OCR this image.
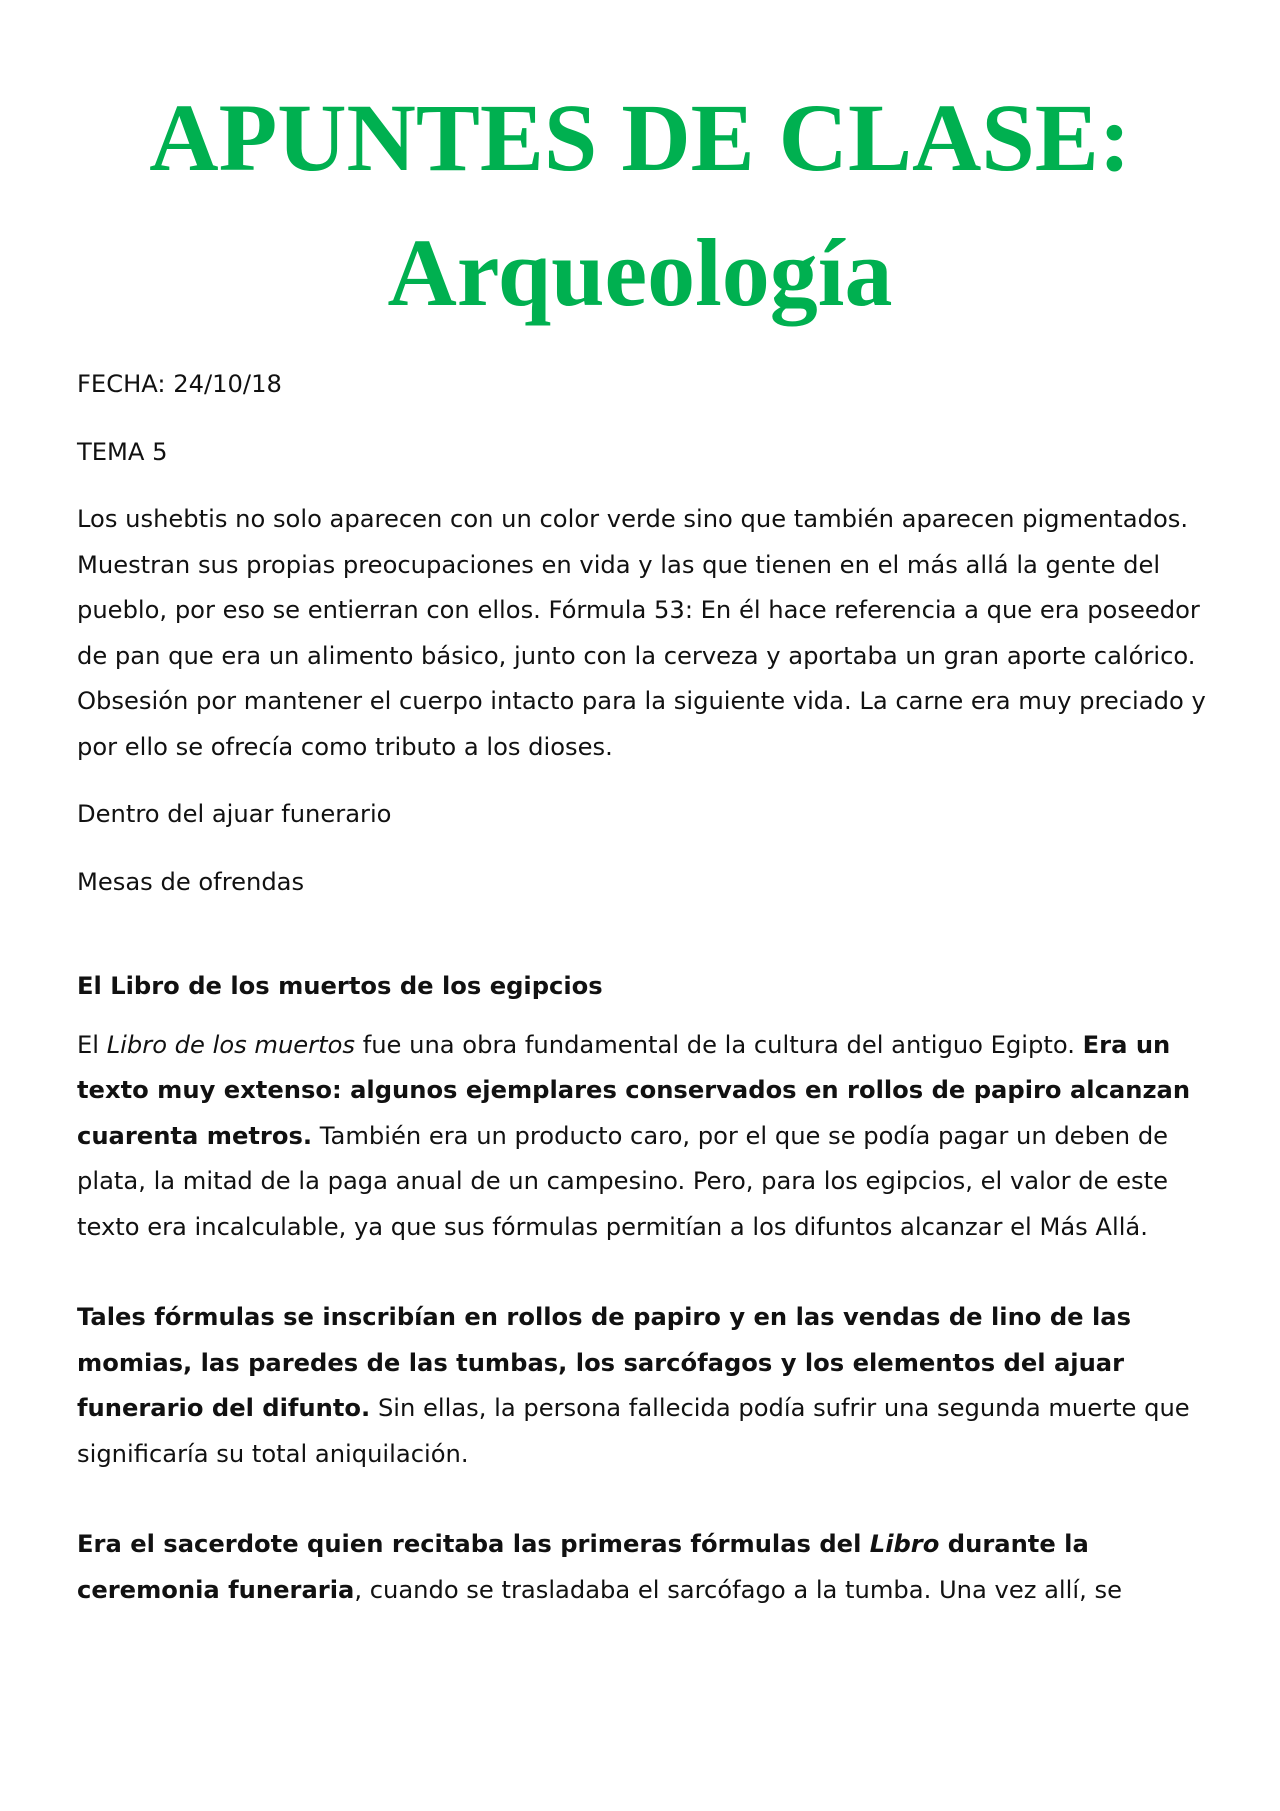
APUNTES DE CLASE:
Arqueología

FECHA: 24/10/18

TEMA 5

Los ushebtis no solo aparecen con un color verde sino que también aparecen pigmentados. Muestran sus propias preocupaciones en vida y las que tienen en el más allá la gente del pueblo, por eso se entierran con ellos. Fórmula 53: En él hace referencia a que era poseedor de pan que era un alimento básico, junto con la cerveza y aportaba un gran aporte calórico. Obsesión por mantener el cuerpo intacto para la siguiente vida. La carne era muy preciado y por ello se ofrecía como tributo a los dioses.

Dentro del ajuar funerario

Mesas de ofrendas

El Libro de los muertos de los egipcios

El Libro de los muertos fue una obra fundamental de la cultura del antiguo Egipto. Era un texto muy extenso: algunos ejemplares conservados en rollos de papiro alcanzan cuarenta metros. También era un producto caro, por el que se podía pagar un deben de plata, la mitad de la paga anual de un campesino. Pero, para los egipcios, el valor de este texto era incalculable, ya que sus fórmulas permitían a los difuntos alcanzar el Más Allá.

Tales fórmulas se inscribían en rollos de papiro y en las vendas de lino de las momias, las paredes de las tumbas, los sarcófagos y los elementos del ajuar funerario del difunto. Sin ellas, la persona fallecida podía sufrir una segunda muerte que significaría su total aniquilación.

Era el sacerdote quien recitaba las primeras fórmulas del Libro durante la ceremonia funeraria, cuando se trasladaba el sarcófago a la tumba. Una vez allí, se
